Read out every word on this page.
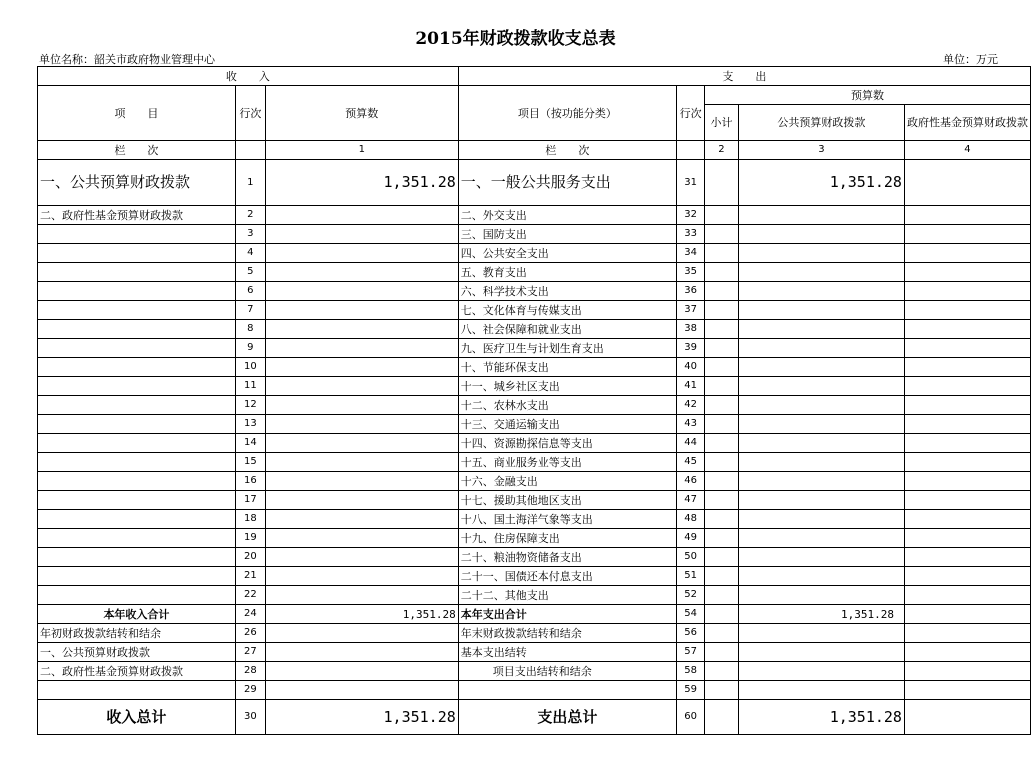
2015年财政拨款收支总表
单位名称：韶关市政府物业管理中心	单位：万元
收　　入			支　　出				
项　　目	行次	预算数	项目（按功能分类）	行次	预算数		
					小计	公共预算财政拨款	政府性基金预算财政拨款
栏　　次		1	栏　　次		2	3	4
一、公共预算财政拨款	1	1,351.28	一、一般公共服务支出	31		1,351.28	
二、政府性基金预算财政拨款	2		二、外交支出	32			
	3		三、国防支出	33			
	4		四、公共安全支出	34			
	5		五、教育支出	35			
	6		六、科学技术支出	36			
	7		七、文化体育与传媒支出	37			
	8		八、社会保障和就业支出	38			
	9		九、医疗卫生与计划生育支出	39			
	10		十、节能环保支出	40			
	11		十一、城乡社区支出	41			
	12		十二、农林水支出	42			
	13		十三、交通运输支出	43			
	14		十四、资源勘探信息等支出	44			
	15		十五、商业服务业等支出	45			
	16		十六、金融支出	46			
	17		十七、援助其他地区支出	47			
	18		十八、国土海洋气象等支出	48			
	19		十九、住房保障支出	49			
	20		二十、粮油物资储备支出	50			
	21		二十一、国债还本付息支出	51			
	22		二十二、其他支出	52			
本年收入合计	24	1,351.28	本年支出合计	54		1,351.28	
年初财政拨款结转和结余	26		年末财政拨款结转和结余	56			
一、公共预算财政拨款	27		基本支出结转	57			
二、政府性基金预算财政拨款	28		项目支出结转和结余	58			
	29			59			
收入总计	30	1,351.28	支出总计	60		1,351.28	
